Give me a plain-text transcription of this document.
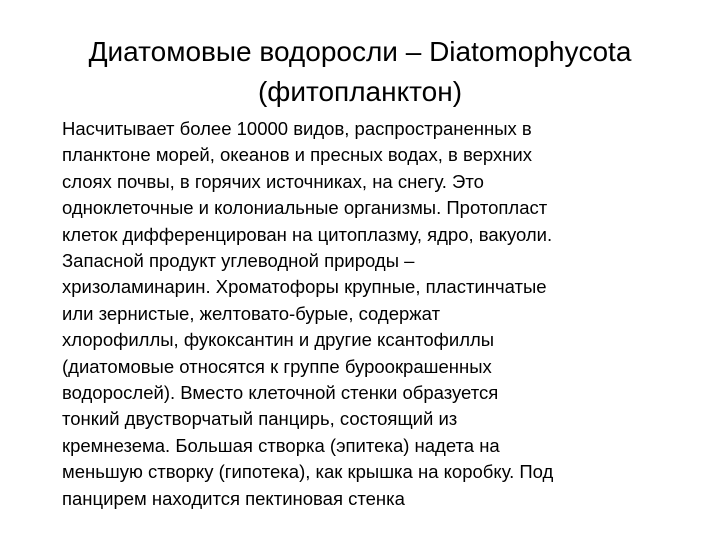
Диатомовые водоросли – Diatomophycota
(фитопланктон)
Насчитывает более 10000 видов, распространенных в
планктоне морей, океанов и пресных водах, в верхних
слоях почвы, в горячих источниках, на снегу. Это
одноклеточные и колониальные организмы. Протопласт
клеток дифференцирован на цитоплазму, ядро, вакуоли.
Запасной продукт углеводной природы –
хризоламинарин. Хроматофоры крупные, пластинчатые
или зернистые, желтовато-бурые, содержат
хлорофиллы, фукоксантин и другие ксантофиллы
(диатомовые относятся к группе буроокрашенных
водорослей). Вместо клеточной стенки образуется
тонкий двустворчатый панцирь, состоящий из
кремнезема. Большая створка (эпитека) надета на
меньшую створку (гипотека), как крышка на коробку. Под
панцирем находится пектиновая стенка
